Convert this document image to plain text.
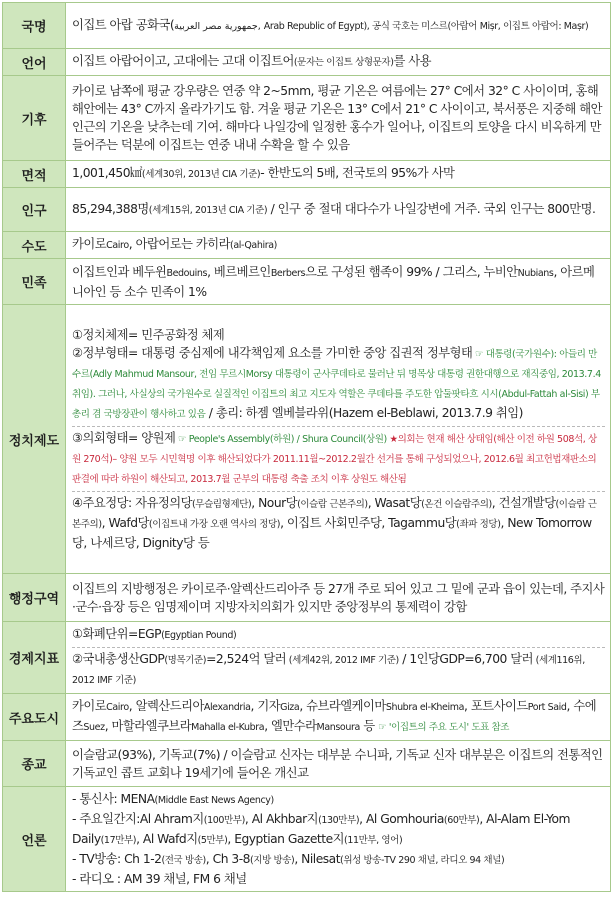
국명	이집트 아랍 공화국(جمهورية مصر العربية, Arab Republic of Egypt), 공식 국호는 미스르(아랍어 Miṣr, 이집트 아랍어: Maṣr)
언어	이집트 아랍어이고, 고대에는 고대 이집트어(문자는 이집트 상형문자)를 사용
기후	카이로 남쪽에 평균 강우량은 연중 약 2~5mm, 평균 기온은 여름에는 27° C에서 32° C 사이이며, 홍해 해안에는 43° C까지 올라가기도 함. 겨울 평균 기온은 13° C에서 21° C 사이이고, 북서풍은 지중해 해안 인근의 기온을 낮추는데 기여. 해마다 나일강에 일정한 홍수가 일어나, 이집트의 토양을 다시 비옥하게 만들어주는 덕분에 이집트는 연중 내내 수확을 할 수 있음
면적	1,001,450㎢(세계30위, 2013년 CIA 기준)- 한반도의 5배, 전국토의 95%가 사막
인구	85,294,388명(세계15위, 2013년 CIA 기준) / 인구 중 절대 대다수가 나일강변에 거주. 국외 인구는 800만명.
수도	카이로Cairo, 아랍어로는 카히라(al-Qahira)
민족	이집트인과 베두윈Bedouins, 베르베르인Berbers으로 구성된 햄족이 99% / 그리스, 누비안Nubians, 아르메니아인 등 소수 민족이 1%
정치제도	①정치체제= 민주공화정 체제

②정부형태= 대통령 중심제에 내각책임제 요소를 가미한 중앙 집권적 정부형태 ☞ 대통령(국가원수): 아들리 만수르(Adly Mahmud Mansour, 전임 무르시Morsy 대통령이 군사쿠데타로 물러난 뒤 명목상 대통령 권한대행으로 재직중임, 2013.7.4 취임). 그러나, 사실상의 국가원수로 실질적인 이집트의 최고 지도자 역할은 쿠데타를 주도한 압둘팟타흐 시시(Abdul-Fattah al-Sisi) 부총리 겸 국방장관이 행사하고 있음 / 총리: 하젬 엘베블라위(Hazem el-Beblawi, 2013.7.9 취임)

③의회형태= 양원제 ☞ People's Assembly(하원) / Shura Council(상원) ★의회는 현재 해산 상태임(해산 이전 하원 508석, 상원 270석)– 양원 모두 시민혁명 이후 해산되었다가 2011.11월~2012.2월간 선거를 통해 구성되었으나, 2012.6월 최고헌법재판소의 판결에 따라 하원이 해산되고, 2013.7월 군부의 대통령 축출 조치 이후 상원도 해산됨

④주요정당: 자유정의당(무슬림형제단), Nour당(이슬람 근본주의), Wasat당(온건 이슬람주의), 건설개발당(이슬람 근본주의), Wafd당(이집트내 가장 오랜 역사의 정당), 이집트 사회민주당, Tagammu당(좌파 정당), New Tomorrow당, 나세르당, Dignity당 등

행정구역	이집트의 지방행정은 카이로주·알렉산드리아주 등 27개 주로 되어 있고 그 밑에 군과 읍이 있는데, 주지사·군수·읍장 등은 임명제이며 지방자치의회가 있지만 중앙정부의 통제력이 강함
경제지표	①화폐단위=EGP(Egyptian Pound)

②국내총생산GDP(명목기준)=2,524억 달러 (세계42위, 2012 IMF 기준) / 1인당GDP=6,700 달러 (세계116위, 2012 IMF 기준)

주요도시	카이로Cairo, 알렉산드리아Alexandria, 기자Giza, 슈브라엘케이마Shubra el-Kheima, 포트사이드Port Said, 수에즈Suez, 마할라엘쿠브라Mahalla el-Kubra, 엘만수라Mansoura 등 ☞ '이집트의 주요 도시' 도표 참조
종교	이슬람교(93%), 기독교(7%) / 이슬람교 신자는 대부분 수니파, 기독교 신자 대부분은 이집트의 전통적인 기독교인 콥트 교회나 19세기에 들어온 개신교
언론	- 통신사: MENA(Middle East News Agency)

- 주요일간지:Al Ahram지(100만부), Al Akhbar지(130만부), Al Gomhouria(60만부), Al-Alam El-Yom Daily(17만부), Al Wafd지(5만부), Egyptian Gazette지(11만부, 영어)

- TV방송: Ch 1-2(전국 방송), Ch 3-8(지방 방송), Nilesat(위성 방송-TV 290 채널, 라디오 94 채널)

- 라디오 : AM 39 채널, FM 6 채널
